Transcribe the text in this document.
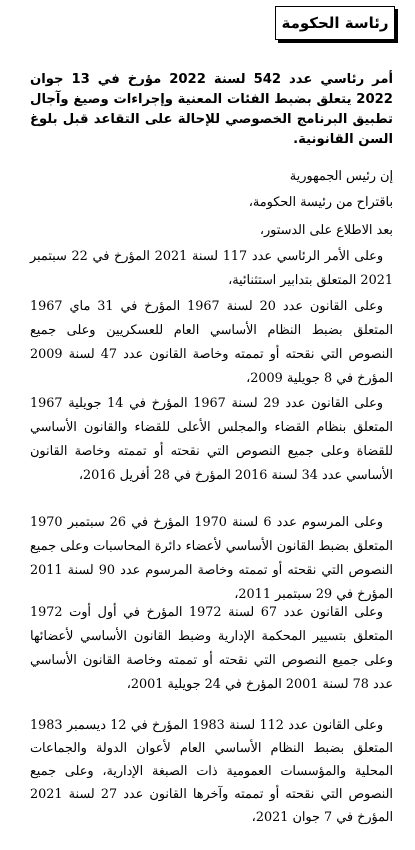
رئاسة الحكومة
أمر رئاسي عدد 542 لسنة 2022 مؤرخ في 13 جوان 2022 يتعلق بضبط الفئات المعنية وإجراءات وصيغ وآجال تطبيق البرنامج الخصوصي للإحالة على التقاعد قبل بلوغ السن القانونية.
إن رئيس الجمهورية
باقتراح من رئيسة الحكومة،
بعد الاطلاع على الدستور،
وعلى الأمر الرئاسي عدد 117 لسنة 2021 المؤرخ في 22 سبتمبر 2021 المتعلق بتدابير استثنائية،
وعلى القانون عدد 20 لسنة 1967 المؤرخ في 31 ماي 1967 المتعلق بضبط النظام الأساسي العام للعسكريين وعلى جميع النصوص التي نقحته أو تممته وخاصة القانون عدد 47 لسنة 2009 المؤرخ في 8 جويلية 2009،
وعلى القانون عدد 29 لسنة 1967 المؤرخ في 14 جويلية 1967 المتعلق بنظام القضاء والمجلس الأعلى للقضاء والقانون الأساسي للقضاة وعلى جميع النصوص التي نقحته أو تممته وخاصة القانون الأساسي عدد 34 لسنة 2016 المؤرخ في 28 أفريل 2016،
وعلى المرسوم عدد 6 لسنة 1970 المؤرخ في 26 سبتمبر 1970 المتعلق بضبط القانون الأساسي لأعضاء دائرة المحاسبات وعلى جميع النصوص التي نقحته أو تممته وخاصة المرسوم عدد 90 لسنة 2011 المؤرخ في 29 سبتمبر 2011،
وعلى القانون عدد 67 لسنة 1972 المؤرخ في أول أوت 1972 المتعلق بتسيير المحكمة الإدارية وضبط القانون الأساسي لأعضائها وعلى جميع النصوص التي نقحته أو تممته وخاصة القانون الأساسي عدد 78 لسنة 2001 المؤرخ في 24 جويلية 2001،
وعلى القانون عدد 112 لسنة 1983 المؤرخ في 12 ديسمبر 1983 المتعلق بضبط النظام الأساسي العام لأعوان الدولة والجماعات المحلية والمؤسسات العمومية ذات الصبغة الإدارية، وعلى جميع النصوص التي نقحته أو تممته وآخرها القانون عدد 27 لسنة 2021 المؤرخ في 7 جوان 2021،
